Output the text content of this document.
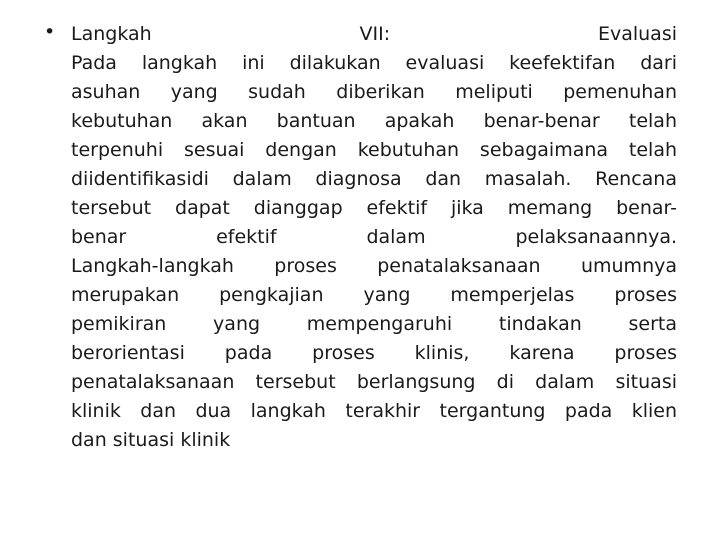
• Langkah VII: Evaluasi
Pada langkah ini dilakukan evaluasi keefektifan dari
asuhan yang sudah diberikan meliputi pemenuhan
kebutuhan akan bantuan apakah benar-benar telah
terpenuhi sesuai dengan kebutuhan sebagaimana telah
diidentifikasidi dalam diagnosa dan masalah. Rencana
tersebut dapat dianggap efektif jika memang benar-
benar efektif dalam pelaksanaannya.
Langkah-langkah proses penatalaksanaan umumnya
merupakan pengkajian yang memperjelas proses
pemikiran yang mempengaruhi tindakan serta
berorientasi pada proses klinis, karena proses
penatalaksanaan tersebut berlangsung di dalam situasi
klinik dan dua langkah terakhir tergantung pada klien
dan situasi klinik
